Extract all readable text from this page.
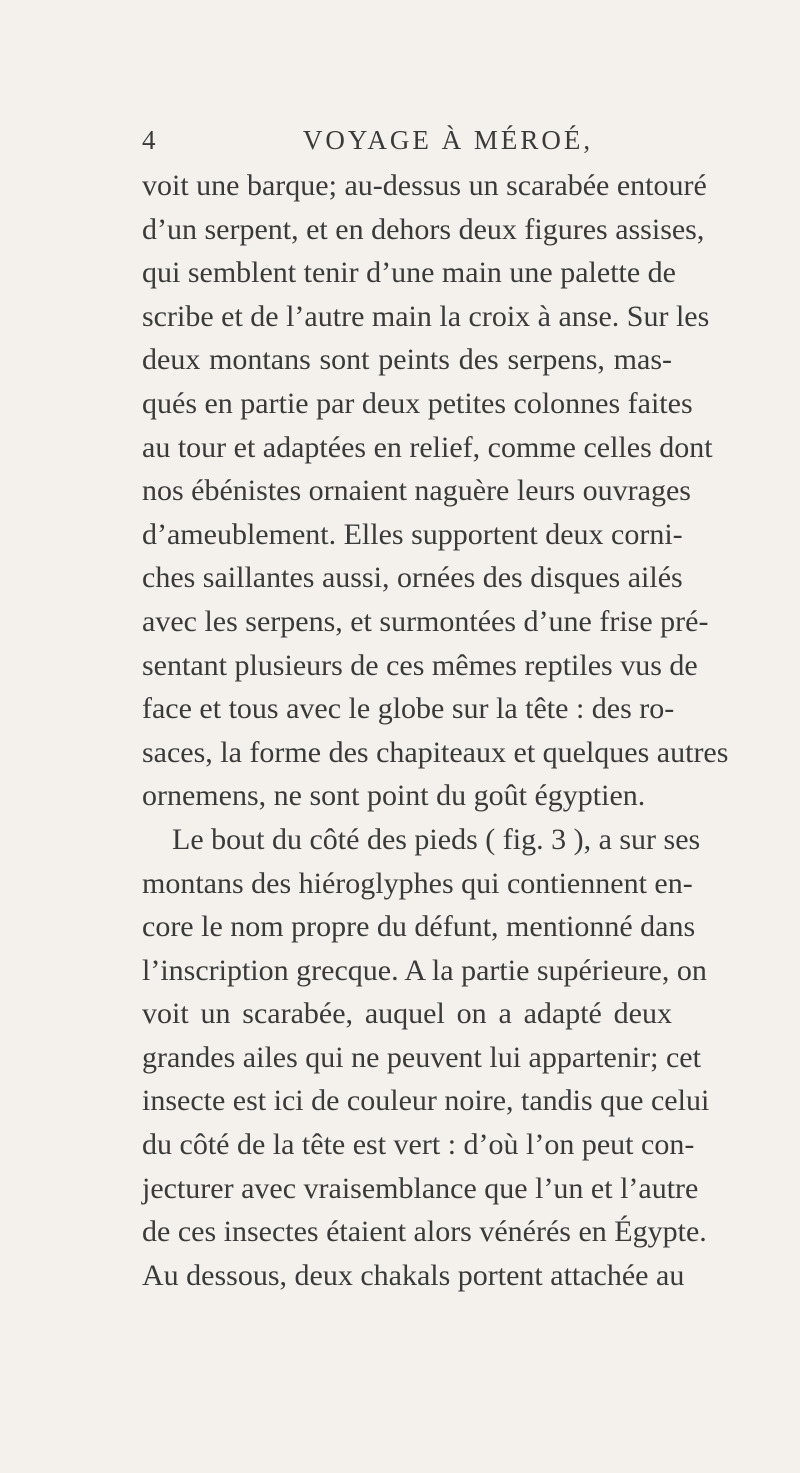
4	VOYAGE À MÉROÉ,
voit une barque; au-dessus un scarabée entouré
d’un serpent, et en dehors deux figures assises,
qui semblent tenir d’une main une palette de
scribe et de l’autre main la croix à anse. Sur les
deux montans sont peints des serpens, mas-
qués en partie par deux petites colonnes faites
au tour et adaptées en relief, comme celles dont
nos ébénistes ornaient naguère leurs ouvrages
d’ameublement. Elles supportent deux corni-
ches saillantes aussi, ornées des disques ailés
avec les serpens, et surmontées d’une frise pré-
sentant plusieurs de ces mêmes reptiles vus de
face et tous avec le globe sur la tête : des ro-
saces, la forme des chapiteaux et quelques autres
ornemens, ne sont point du goût égyptien.
Le bout du côté des pieds ( fig. 3 ), a sur ses
montans des hiéroglyphes qui contiennent en-
core le nom propre du défunt, mentionné dans
l’inscription grecque. A la partie supérieure, on
voit un scarabée, auquel on a adapté deux
grandes ailes qui ne peuvent lui appartenir; cet
insecte est ici de couleur noire, tandis que celui
du côté de la tête est vert : d’où l’on peut con-
jecturer avec vraisemblance que l’un et l’autre
de ces insectes étaient alors vénérés en Égypte.
Au dessous, deux chakals portent attachée au
